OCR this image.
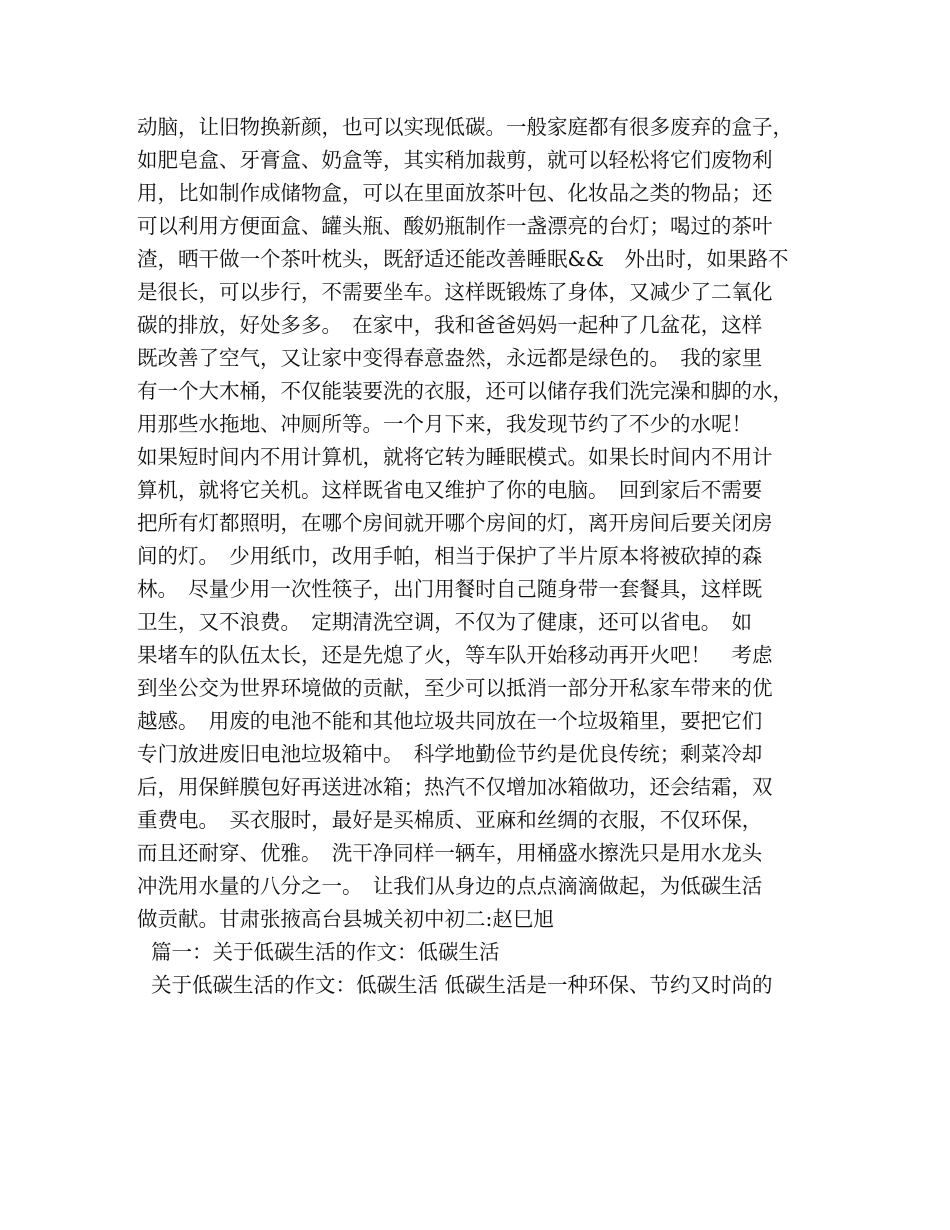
动脑，让旧物换新颜，也可以实现低碳。一般家庭都有很多废弃的盒子，
如肥皂盒、牙膏盒、奶盒等，其实稍加裁剪，就可以轻松将它们废物利
用，比如制作成储物盒，可以在里面放茶叶包、化妆品之类的物品；还
可以利用方便面盒、罐头瓶、酸奶瓶制作一盏漂亮的台灯；喝过的茶叶
渣，晒干做一个茶叶枕头，既舒适还能改善睡眠&&　外出时，如果路不
是很长，可以步行，不需要坐车。这样既锻炼了身体，又减少了二氧化
碳的排放，好处多多。　在家中，我和爸爸妈妈一起种了几盆花，这样
既改善了空气，又让家中变得春意盎然，永远都是绿色的。　我的家里
有一个大木桶，不仅能装要洗的衣服，还可以储存我们洗完澡和脚的水，
用那些水拖地、冲厕所等。一个月下来，我发现节约了不少的水呢！
如果短时间内不用计算机，就将它转为睡眠模式。如果长时间内不用计
算机，就将它关机。这样既省电又维护了你的电脑。　回到家后不需要
把所有灯都照明，在哪个房间就开哪个房间的灯，离开房间后要关闭房
间的灯。　少用纸巾，改用手帕，相当于保护了半片原本将被砍掉的森
林。　尽量少用一次性筷子，出门用餐时自己随身带一套餐具，这样既
卫生，又不浪费。　定期清洗空调，不仅为了健康，还可以省电。　如
果堵车的队伍太长，还是先熄了火，等车队开始移动再开火吧！　考虑
到坐公交为世界环境做的贡献，至少可以抵消一部分开私家车带来的优
越感。　用废的电池不能和其他垃圾共同放在一个垃圾箱里，要把它们
专门放进废旧电池垃圾箱中。　科学地勤俭节约是优良传统；剩菜冷却
后，用保鲜膜包好再送进冰箱；热汽不仅增加冰箱做功，还会结霜，双
重费电。　买衣服时，最好是买棉质、亚麻和丝绸的衣服，不仅环保，
而且还耐穿、优雅。　洗干净同样一辆车，用桶盛水擦洗只是用水龙头
冲洗用水量的八分之一。　让我们从身边的点点滴滴做起，为低碳生活
做贡献。甘肃张掖高台县城关初中初二:赵巳旭
篇一：关于低碳生活的作文：低碳生活
关于低碳生活的作文：低碳生活 低碳生活是一种环保、节约又时尚的
